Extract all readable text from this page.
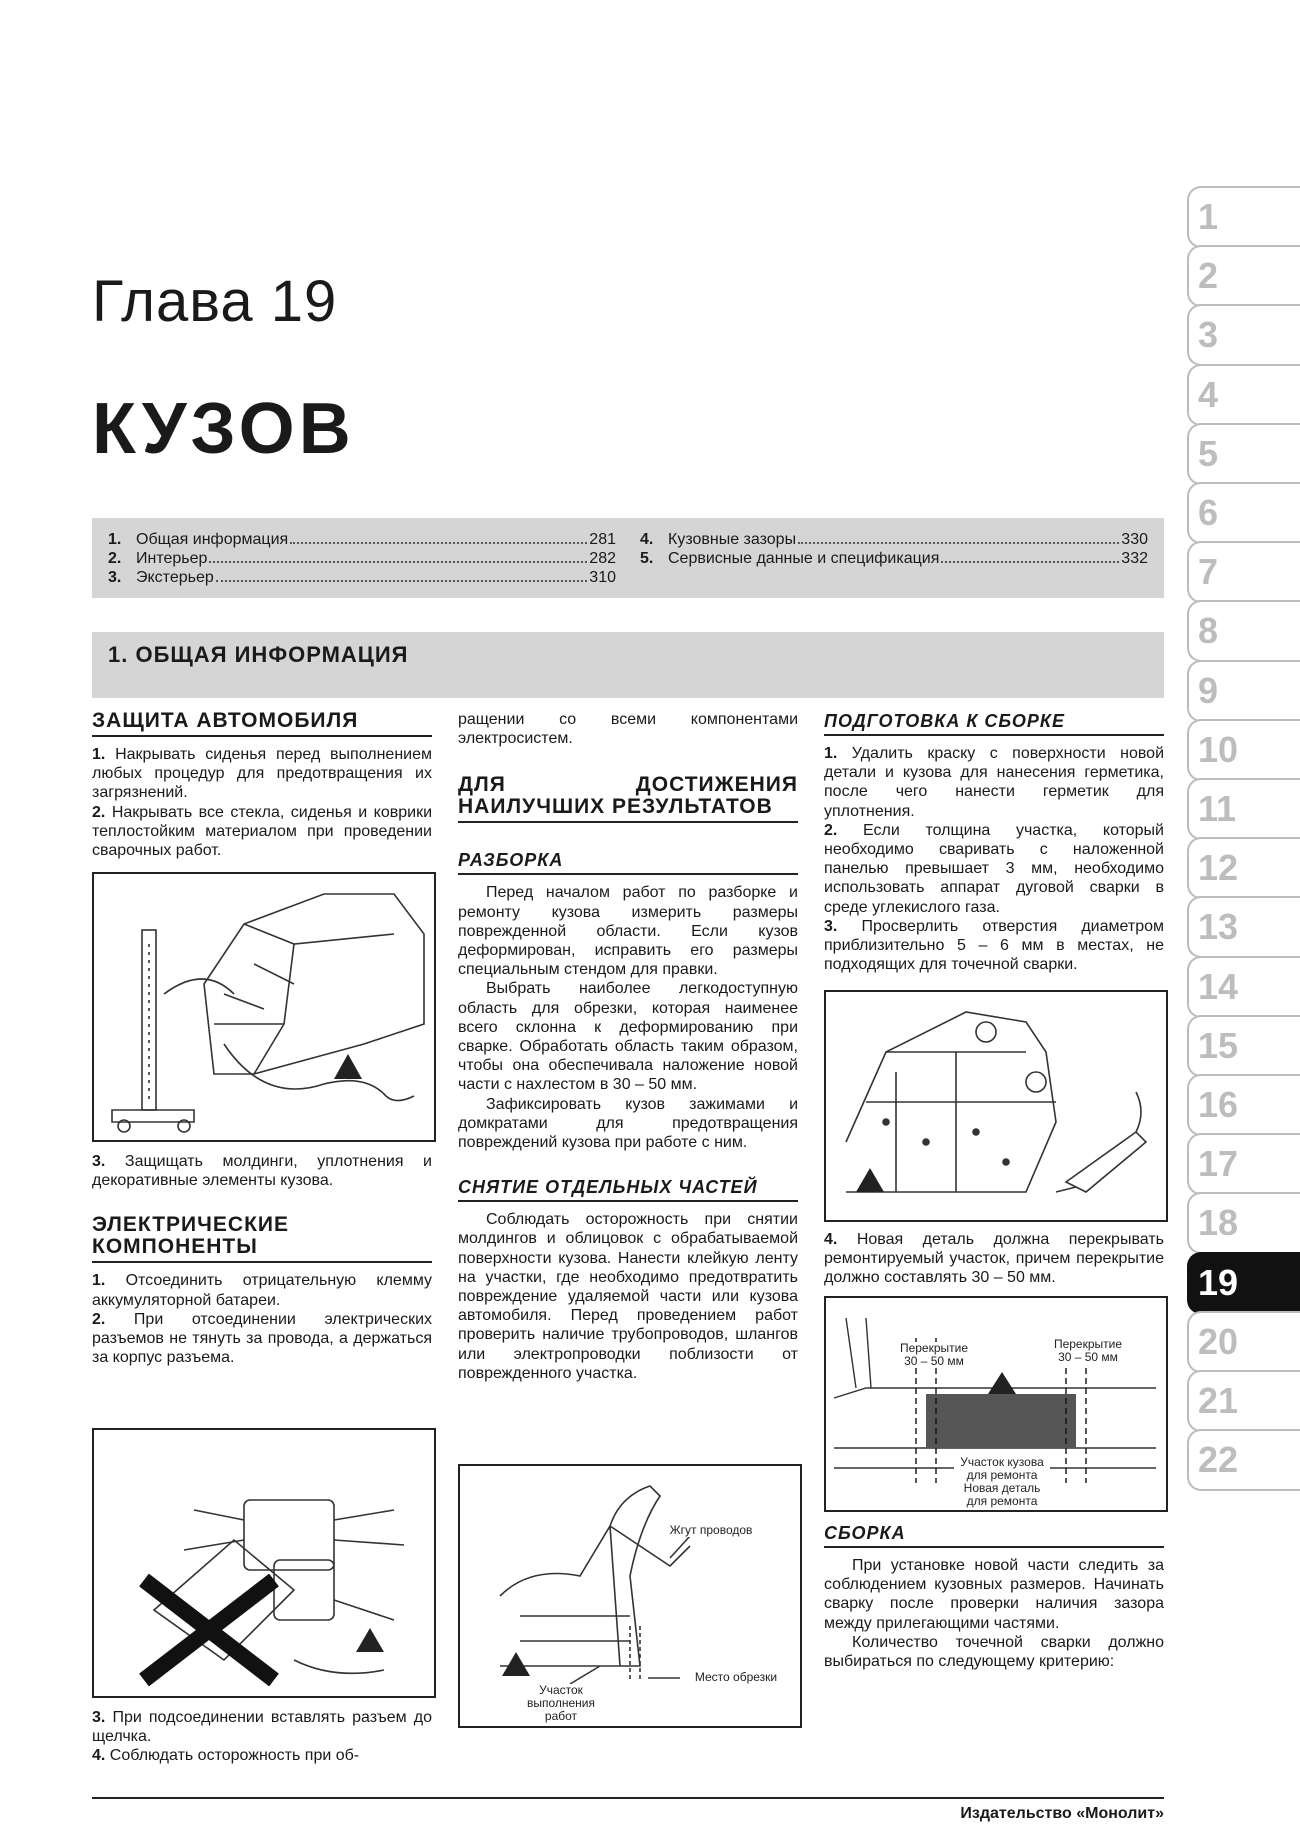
Глава 19
КУЗОВ
1. Общая информация	281
2. Интерьер	282
3. Экстерьер	310
4. Кузовные зазоры	330
5. Сервисные данные и спецификация	332
1. ОБЩАЯ ИНФОРМАЦИЯ
ЗАЩИТА АВТОМОБИЛЯ

1. Накрывать сиденья перед выполнением любых процедур для предотвращения их загрязнений.

2. Накрывать все стекла, сиденья и коврики теплостойким материалом при проведении сварочных работ.

3. Защищать молдинги, уплотнения и декоративные элементы кузова.

ЭЛЕКТРИЧЕСКИЕ КОМПОНЕНТЫ

1. Отсоединить отрицательную клемму аккумуляторной батареи.

2. При отсоединении электрических разъемов не тянуть за провода, а держаться за корпус разъема.

3. При подсоединении вставлять разъем до щелчка.

4. Соблюдать осторожность при об-

ращении со всеми компонентами электросистем.

ДЛЯ ДОСТИЖЕНИЯ НАИЛУЧШИХ РЕЗУЛЬТАТОВ
РАЗБОРКА

Перед началом работ по разборке и ремонту кузова измерить размеры поврежденной области. Если кузов деформирован, исправить его размеры специальным стендом для правки.

Выбрать наиболее легкодоступную область для обрезки, которая наименее всего склонна к деформированию при сварке. Обработать область таким образом, чтобы она обеспечивала наложение новой части с нахлестом в 30 – 50 мм.

Зафиксировать кузов зажимами и домкратами для предотвращения повреждений кузова при работе с ним.

СНЯТИЕ ОТДЕЛЬНЫХ ЧАСТЕЙ

Соблюдать осторожность при снятии молдингов и облицовок с обрабатываемой поверхности кузова. Нанести клейкую ленту на участки, где необходимо предотвратить повреждение удаляемой части или кузова автомобиля. Перед проведением работ проверить наличие трубопроводов, шлангов или электропроводки поблизости от поврежденного участка.

Жгут проводов
Место обрезки
Участок выполнения работ
ПОДГОТОВКА К СБОРКЕ

1. Удалить краску с поверхности новой детали и кузова для нанесения герметика, после чего нанести герметик для уплотнения.

2. Если толщина участка, который необходимо сваривать с наложенной панелью превышает 3 мм, необходимо использовать аппарат дуговой сварки в среде углекислого газа.

3. Просверлить отверстия диаметром приблизительно 5 – 6 мм в местах, не подходящих для точечной сварки.

4. Новая деталь должна перекрывать ремонтируемый участок, причем перекрытие должно составлять 30 – 50 мм.

Перекрытие 30 – 50 мм
Перекрытие 30 – 50 мм
Участок кузова для ремонта
Новая деталь для ремонта
СБОРКА

При установке новой части следить за соблюдением кузовных размеров. Начинать сварку после проверки наличия зазора между прилегающими частями.

Количество точечной сварки должно выбираться по следующему критерию:

1
2
3
4
5
6
7
8
9
10
11
12
13
14
15
16
17
18
19
20
21
22
Издательство «Монолит»
